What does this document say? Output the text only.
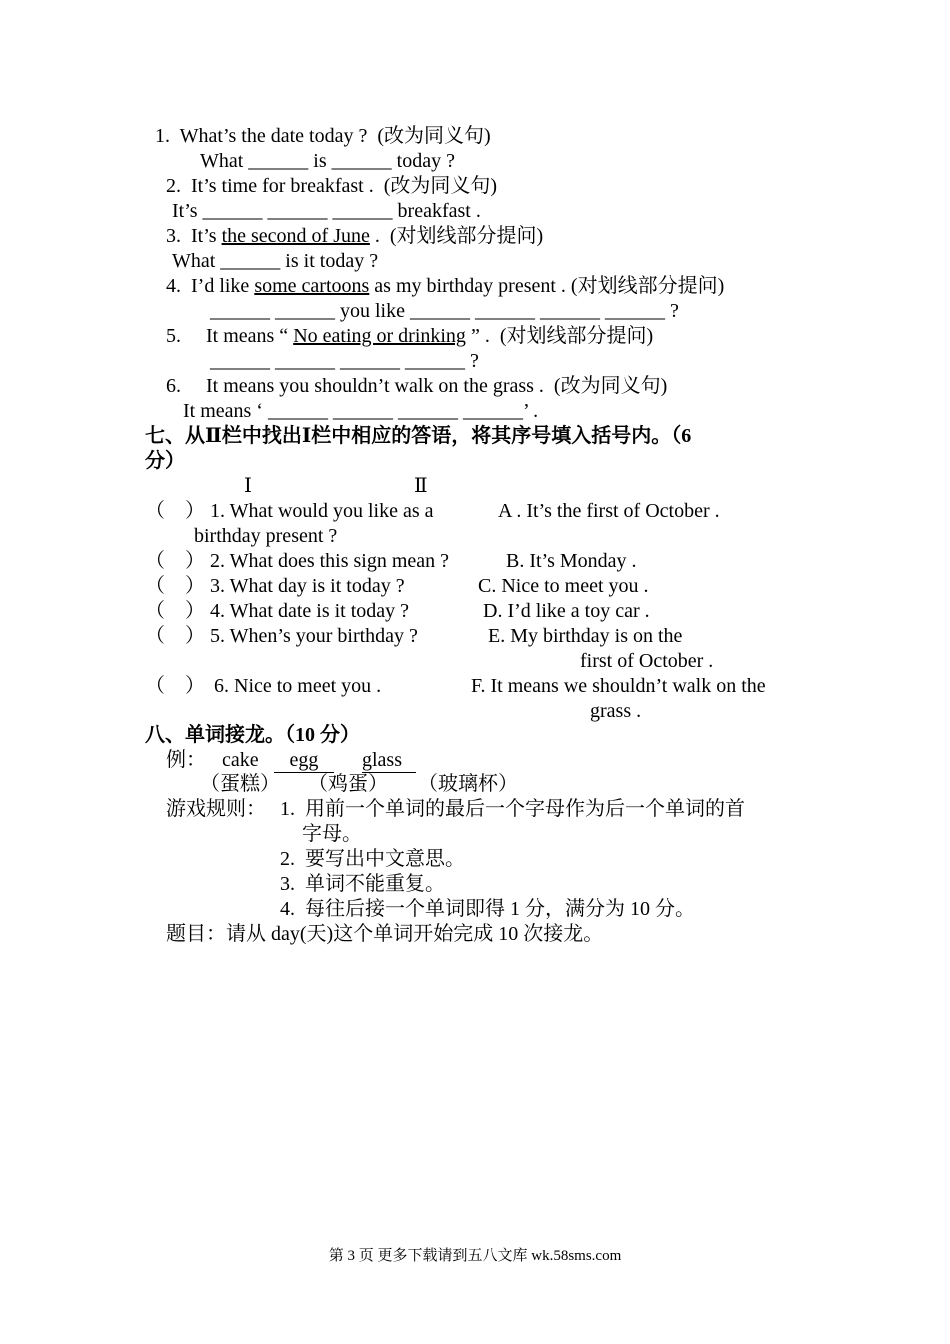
1. What’s the date today ? (改为同义句)
What ______ is ______ today ?
2. It’s time for breakfast . (改为同义句)
It’s ______ ______ ______ breakfast .
3. It’s the second of June . (对划线部分提问)
What ______ is it today ?
4. I’d like some cartoons as my birthday present . (对划线部分提问)
______ ______ you like ______ ______ ______ ______ ?
5. It means “ No eating or drinking ” . (对划线部分提问)
______ ______ ______ ______ ?
6. It means you shouldn’t walk on the grass . (改为同义句)
It means ‘ ______ ______ ______ ______’ .
七、从Ⅱ栏中找出Ⅰ栏中相应的答语，将其序号填入括号内。（6
分）
Ⅰ	Ⅱ
（    ） 1. What would you like as a	A . It’s the first of October .
birthday present ?
（    ） 2. What does this sign mean ?	B. It’s Monday .
（    ） 3. What day is it today ?	C. Nice to meet you .
（    ） 4. What date is it today ?	D. I’d like a toy car .
（    ） 5. When’s your birthday ?	E. My birthday is on the
first of October .
（    ） 6. Nice to meet you .	F. It means we shouldn’t walk on the
grass .
八、单词接龙。（10 分）
例： cake	egg	glass
（蛋糕） （鸡蛋） （玻璃杯）
游戏规则： 1. 用前一个单词的最后一个字母作为后一个单词的首
字母。
2. 要写出中文意思。
3. 单词不能重复。
4. 每往后接一个单词即得 1 分，满分为 10 分。
题目：请从 day(天)这个单词开始完成 10 次接龙。
第 3 页 更多下载请到五八文库 wk.58sms.com
